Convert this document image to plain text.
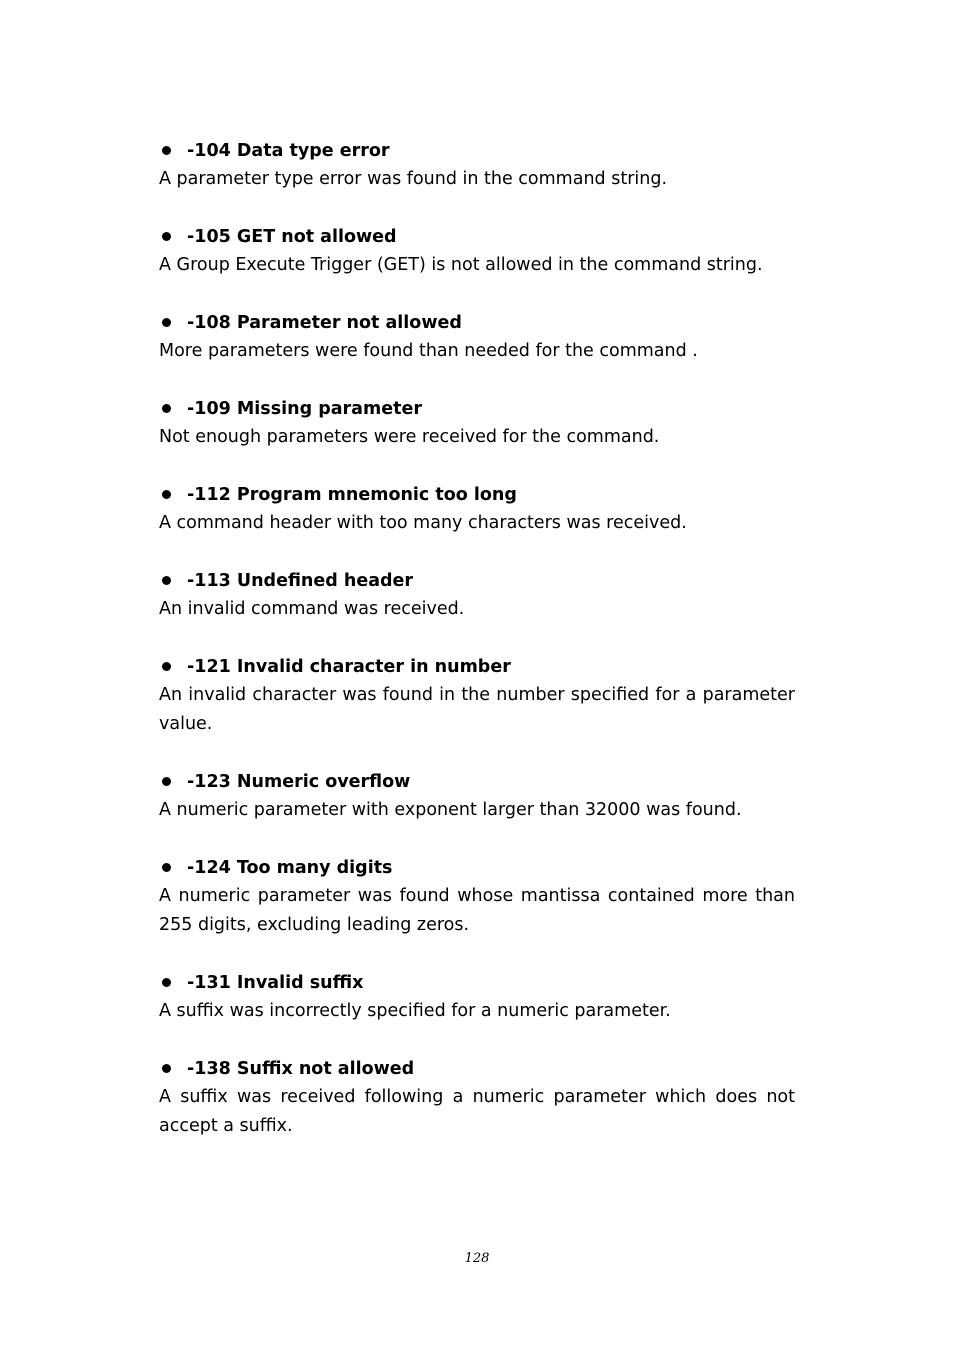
-104 Data type error

A parameter type error was found in the command string.

-105 GET not allowed

A Group Execute Trigger (GET) is not allowed in the command string.

-108 Parameter not allowed

More parameters were found than needed for the command .

-109 Missing parameter

Not enough parameters were received for the command.

-112 Program mnemonic too long

A command header with too many characters was received.

-113 Undefined header

An invalid command was received.

-121 Invalid character in number

An invalid character was found in the number specified for a parameter value.

-123 Numeric overflow

A numeric parameter with exponent larger than 32000 was found.

-124 Too many digits

A numeric parameter was found whose mantissa contained more than 255 digits, excluding leading zeros.

-131 Invalid suffix

A suffix was incorrectly specified for a numeric parameter.

-138 Suffix not allowed

A suffix was received following a numeric parameter which does not accept a suffix.

128
